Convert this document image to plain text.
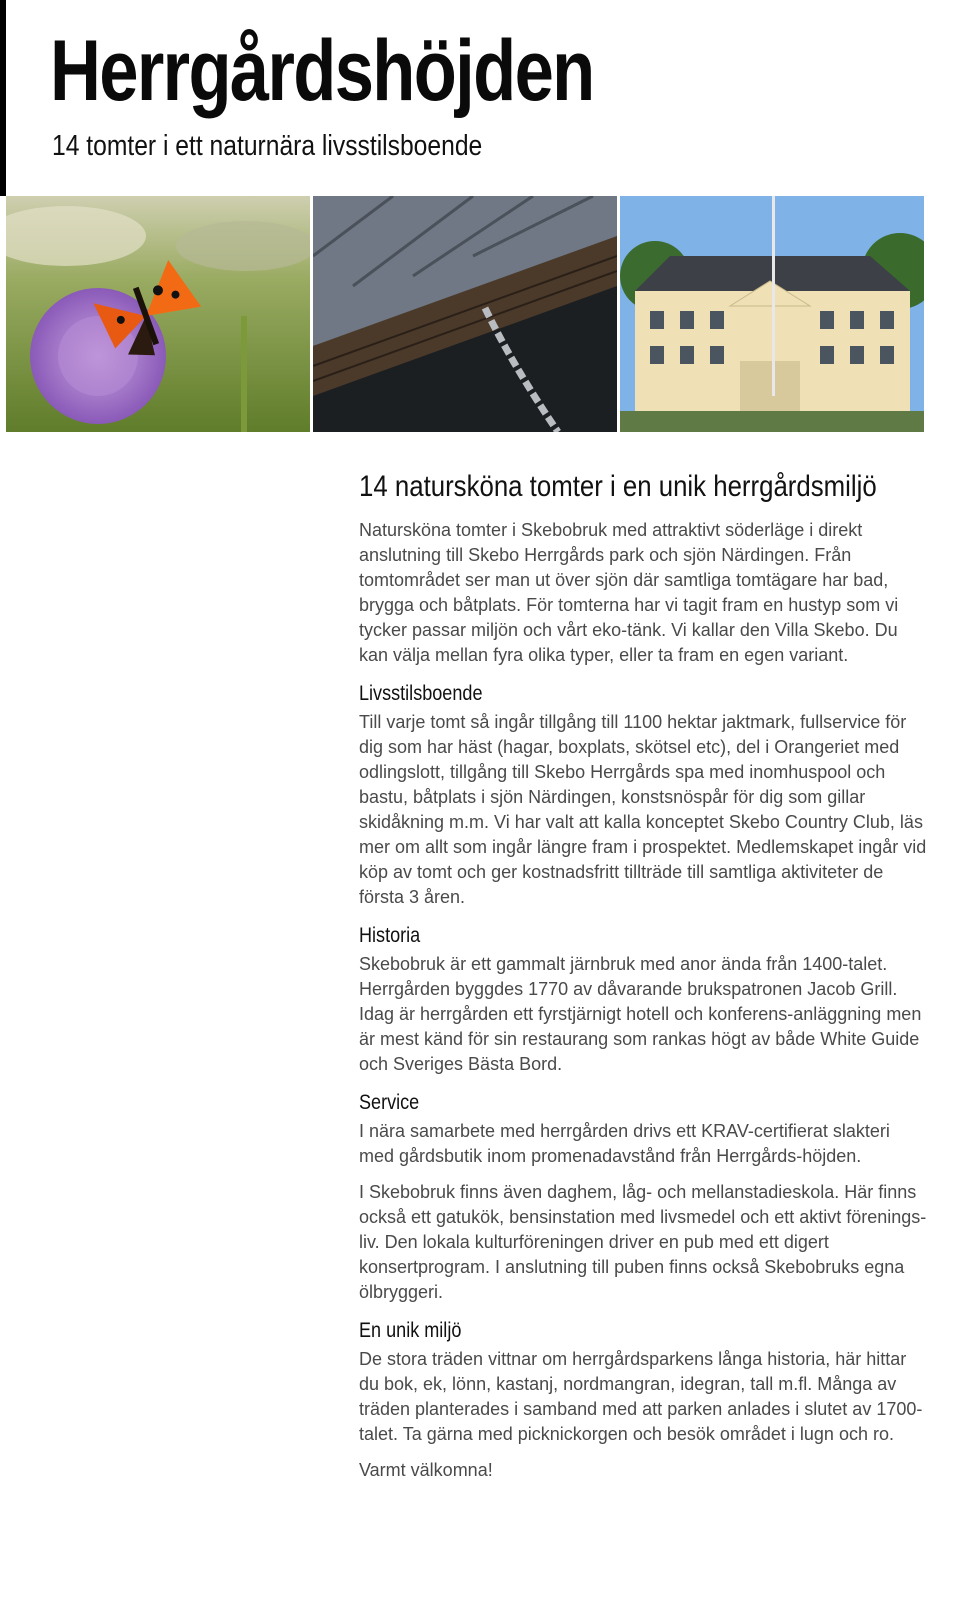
Herrgårdshöjden
14 tomter i ett naturnära livsstilsboende
14 natursköna tomter i en unik herrgårdsmiljö

Natursköna tomter i Skebobruk med attraktivt söderläge i direkt anslutning till Skebo Herrgårds park och sjön Närdingen. Från tomtområdet ser man ut över sjön där samtliga tomtägare har bad, brygga och båtplats. För tomterna har vi tagit fram en hustyp som vi tycker passar miljön och vårt eko-tänk. Vi kallar den Villa Skebo. Du kan välja mellan fyra olika typer, eller ta fram en egen variant.

Livsstilsboende

Till varje tomt så ingår tillgång till 1100 hektar jaktmark, fullservice för dig som har häst (hagar, boxplats, skötsel etc), del i Orangeriet med odlingslott, tillgång till Skebo Herrgårds spa med inomhuspool och bastu, båtplats i sjön Närdingen, konstsnöspår för dig som gillar skidåkning m.m. Vi har valt att kalla konceptet Skebo Country Club, läs mer om allt som ingår längre fram i prospektet. Medlemskapet ingår vid köp av tomt och ger kostnadsfritt tillträde till samtliga aktiviteter de första 3 åren.

Historia

Skebobruk är ett gammalt järnbruk med anor ända från 1400-talet. Herrgården byggdes 1770 av dåvarande brukspatronen Jacob Grill. Idag är herrgården ett fyrstjärnigt hotell och konferens-anläggning men är mest känd för sin restaurang som rankas högt av både White Guide och Sveriges Bästa Bord.

Service

I nära samarbete med herrgården drivs ett KRAV-certifierat slakteri med gårdsbutik inom promenadavstånd från Herrgårds-höjden.

I Skebobruk finns även daghem, låg- och mellanstadieskola. Här finns också ett gatukök, bensinstation med livsmedel och ett aktivt förenings-liv. Den lokala kulturföreningen driver en pub med ett digert konsertprogram. I anslutning till puben finns också Skebobruks egna ölbryggeri.

En unik miljö

De stora träden vittnar om herrgårdsparkens långa historia, här hittar du bok, ek, lönn, kastanj, nordmangran, idegran, tall m.fl. Många av träden planterades i samband med att parken anlades i slutet av 1700-talet. Ta gärna med picknickorgen och besök området i lugn och ro.

Varmt välkomna!
